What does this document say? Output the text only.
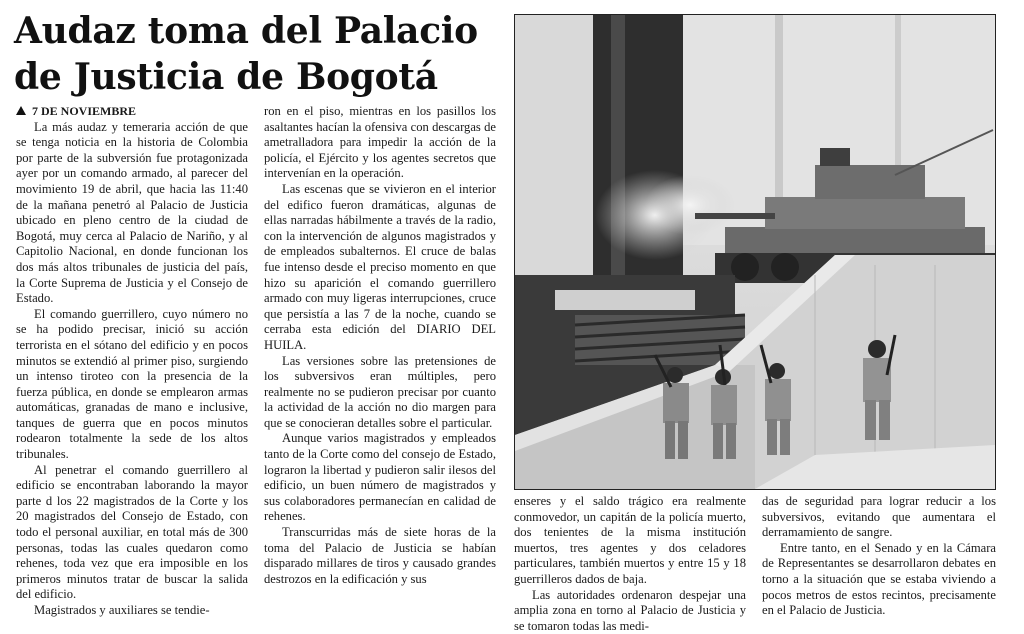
Audaz toma del Palacio
de Justicia de Bogotá

7 DE NOVIEMBRE

La más audaz y temeraria acción de que se tenga noticia en la historia de Colombia por parte de la subversión fue protagonizada ayer por un comando armado, al parecer del movimiento 19 de abril, que hacia las 11:40 de la mañana penetró al Palacio de Justicia ubicado en pleno centro de la ciudad de Bogotá, muy cerca al Palacio de Nariño, y al Capitolio Nacional, en donde funcionan los dos más altos tribunales de justicia del país, la Corte Suprema de Justicia y el Consejo de Estado.

El comando guerrillero, cuyo número no se ha podido precisar, inició su acción terrorista en el sótano del edificio y en pocos minutos se extendió al primer piso, surgiendo un intenso tiroteo con la presencia de la fuerza pública, en donde se emplearon armas automáticas, granadas de mano e inclusive, tanques de guerra que en pocos minutos rodearon totalmente la sede de los altos tribunales.

Al penetrar el comando guerrillero al edificio se encontraban laborando la mayor parte d los 22 magistrados de la Corte y los 20 magistrados del Consejo de Estado, con todo el personal auxiliar, en total más de 300 personas, todas las cuales quedaron como rehenes, toda vez que era imposible en los primeros minutos tratar de buscar la salida del edificio.

Magistrados y auxiliares se tendie-

ron en el piso, mientras en los pasillos los asaltantes hacían la ofensiva con descargas de ametralladora para impedir la acción de la policía, el Ejército y los agentes secretos que intervenían en la operación.

Las escenas que se vivieron en el interior del edifico fueron dramáticas, algunas de ellas narradas hábilmente a través de la radio, con la intervención de algunos magistrados y de empleados subalternos. El cruce de balas fue intenso desde el preciso momento en que hizo su aparición el comando guerrillero armado con muy ligeras interrupciones, cruce que persistía a las 7 de la noche, cuando se cerraba esta edición del DIARIO DEL HUILA.

Las versiones sobre las pretensiones de los subversivos eran múltiples, pero realmente no se pudieron precisar por cuanto la actividad de la acción no dio margen para que se conocieran detalles sobre el particular.

Aunque varios magistrados y empleados tanto de la Corte como del consejo de Estado, lograron la libertad y pudieron salir ilesos del edificio, un buen número de magistrados y sus colaboradores permanecían en calidad de rehenes.

Transcurridas más de siete horas de la toma del Palacio de Justicia se habían disparado millares de tiros y causado grandes destrozos en la edificación y sus

enseres y el saldo trágico era realmente conmovedor, un capitán de la policía muerto, dos tenientes de la misma institución muertos, tres agentes y dos celadores particulares, también muertos y entre 15 y 18 guerrilleros dados de baja.

Las autoridades ordenaron despejar una amplia zona en torno al Palacio de Justicia y se tomaron todas las medi-

das de seguridad para lograr reducir a los subversivos, evitando que aumentara el derramamiento de sangre.

Entre tanto, en el Senado y en la Cámara de Representantes se desarrollaron debates en torno a la situación que se estaba viviendo a pocos metros de estos recintos, precisamente en el Palacio de Justicia.
